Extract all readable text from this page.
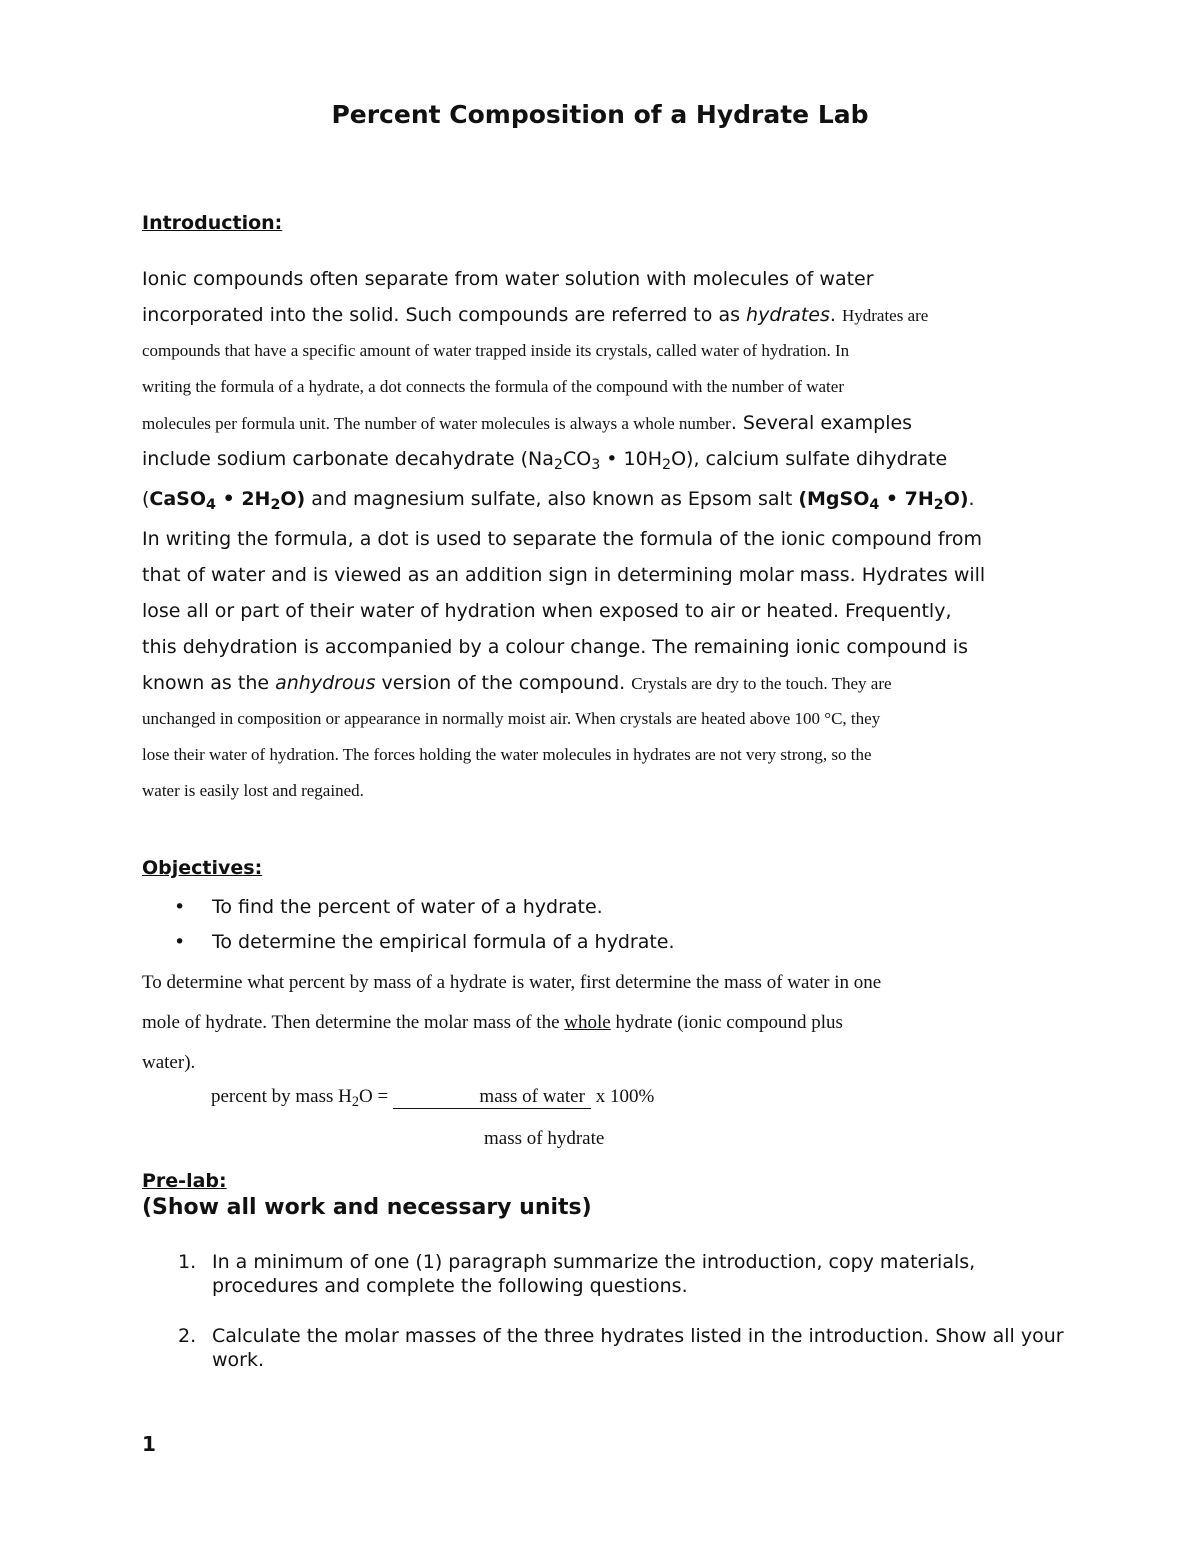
Percent Composition of a Hydrate Lab
Introduction:
Ionic compounds often separate from water solution with molecules of water
incorporated into the solid. Such compounds are referred to as hydrates. Hydrates are
compounds that have a specific amount of water trapped inside its crystals, called water of hydration. In
writing the formula of a hydrate, a dot connects the formula of the compound with the number of water
molecules per formula unit. The number of water molecules is always a whole number. Several examples
include sodium carbonate decahydrate ($Na_2CO_3$ • $10H_2O$), calcium sulfate dihydrate
(CaSO$_4$ • $2H_2O$) and magnesium sulfate, also known as Epsom salt (MgSO$_4$ • $7H_2O$).
In writing the formula, a dot is used to separate the formula of the ionic compound from
that of water and is viewed as an addition sign in determining molar mass. Hydrates will
lose all or part of their water of hydration when exposed to air or heated. Frequently,
this dehydration is accompanied by a colour change. The remaining ionic compound is
known as the anhydrous version of the compound. Crystals are dry to the touch. They are
unchanged in composition or appearance in normally moist air. When crystals are heated above 100 °C, they
lose their water of hydration. The forces holding the water molecules in hydrates are not very strong, so the
water is easily lost and regained.
Objectives:
• To find the percent of water of a hydrate.
• To determine the empirical formula of a hydrate.
To determine what percent by mass of a hydrate is water, first determine the mass of water in one
mole of hydrate. Then determine the molar mass of the whole hydrate (ionic compound plus
water).
percent by mass $H_2O$ =	mass of water x 100%
mass of hydrate
Pre-lab:
(Show all work and necessary units)
1. In a minimum of one (1) paragraph summarize the introduction, copy materials, procedures and complete the following questions.
2. Calculate the molar masses of the three hydrates listed in the introduction. Show all your work.
1
